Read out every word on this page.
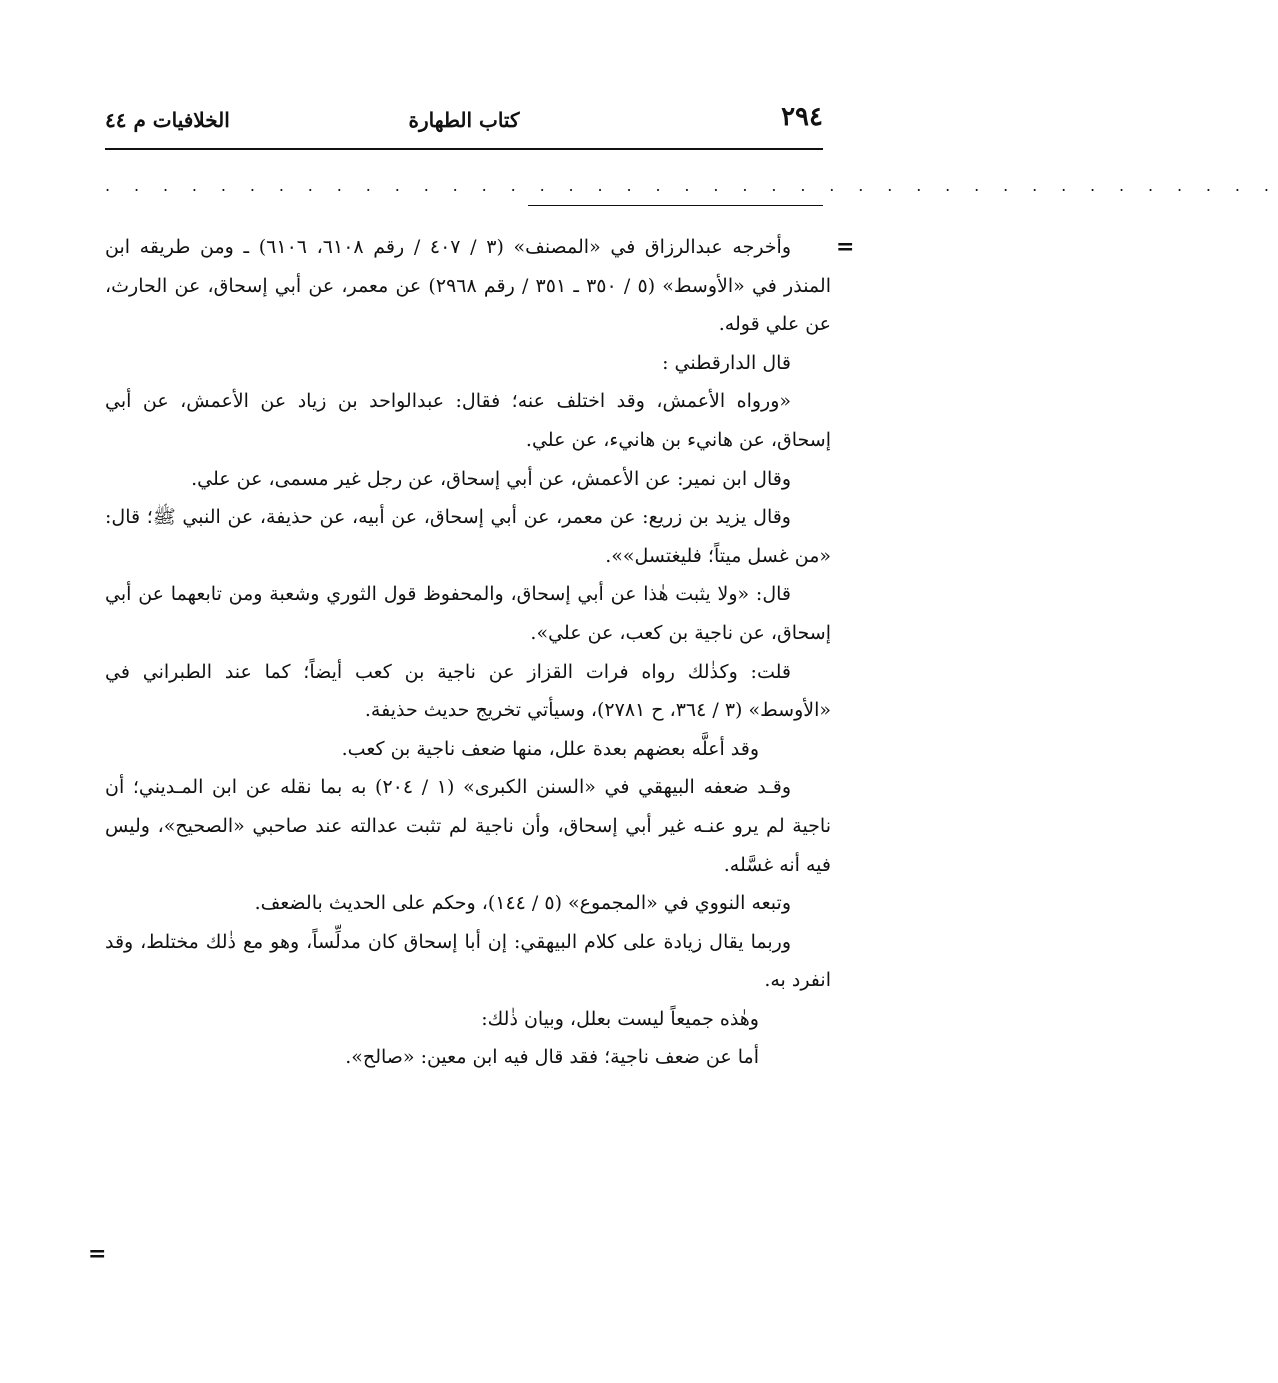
٢٩٤
كتاب الطهارة
الخلافيات م ٤٤
. . . . . . . . . . . . . . . . . . . . . . . . . . . . . . . . . . . . . . . . .
=

وأخرجه عبدالرزاق في «المصنف» (٣ / ٤٠٧ / رقم ٦١٠٨، ٦١٠٦) ـ ومن طريقه ابن المنذر في «الأوسط» (٥ / ٣٥٠ ـ ٣٥١ / رقم ٢٩٦٨) عن معمر، عن أبي إسحاق، عن الحارث، عن علي قوله.

قال الدارقطني :

«ورواه الأعمش، وقد اختلف عنه؛ فقال: عبدالواحد بن زياد عن الأعمش، عن أبي إسحاق، عن هانيء بن هانيء، عن علي.

وقال ابن نمير: عن الأعمش، عن أبي إسحاق، عن رجل غير مسمى، عن علي.

وقال يزيد بن زريع: عن معمر، عن أبي إسحاق، عن أبيه، عن حذيفة، عن النبي ﷺ؛ قال: «من غسل ميتاً؛ فليغتسل»».

قال: «ولا يثبت هٰذا عن أبي إسحاق، والمحفوظ قول الثوري وشعبة ومن تابعهما عن أبي إسحاق، عن ناجية بن كعب، عن علي».

قلت: وكذٰلك رواه فرات القزاز عن ناجية بن كعب أيضاً؛ كما عند الطبراني في «الأوسط» (٣ / ٣٦٤، ح ٢٧٨١)، وسيأتي تخريج حديث حذيفة.

وقد أعلَّه بعضهم بعدة علل، منها ضعف ناجية بن كعب.

وقـد ضعفه البيهقي في «السنن الكبرى» (١ / ٢٠٤) به بما نقله عن ابن المـديني؛ أن ناجية لم يرو عنـه غير أبي إسحاق، وأن ناجية لم تثبت عدالته عند صاحبي «الصحيح»، وليس فيه أنه غسَّله.

وتبعه النووي في «المجموع» (٥ / ١٤٤)، وحكم على الحديث بالضعف.

وربما يقال زيادة على كلام البيهقي: إن أبا إسحاق كان مدلِّساً، وهو مع ذٰلك مختلط، وقد انفرد به.

وهٰذه جميعاً ليست بعلل، وبيان ذٰلك:

أما عن ضعف ناجية؛ فقد قال فيه ابن معين: «صالح».

=
